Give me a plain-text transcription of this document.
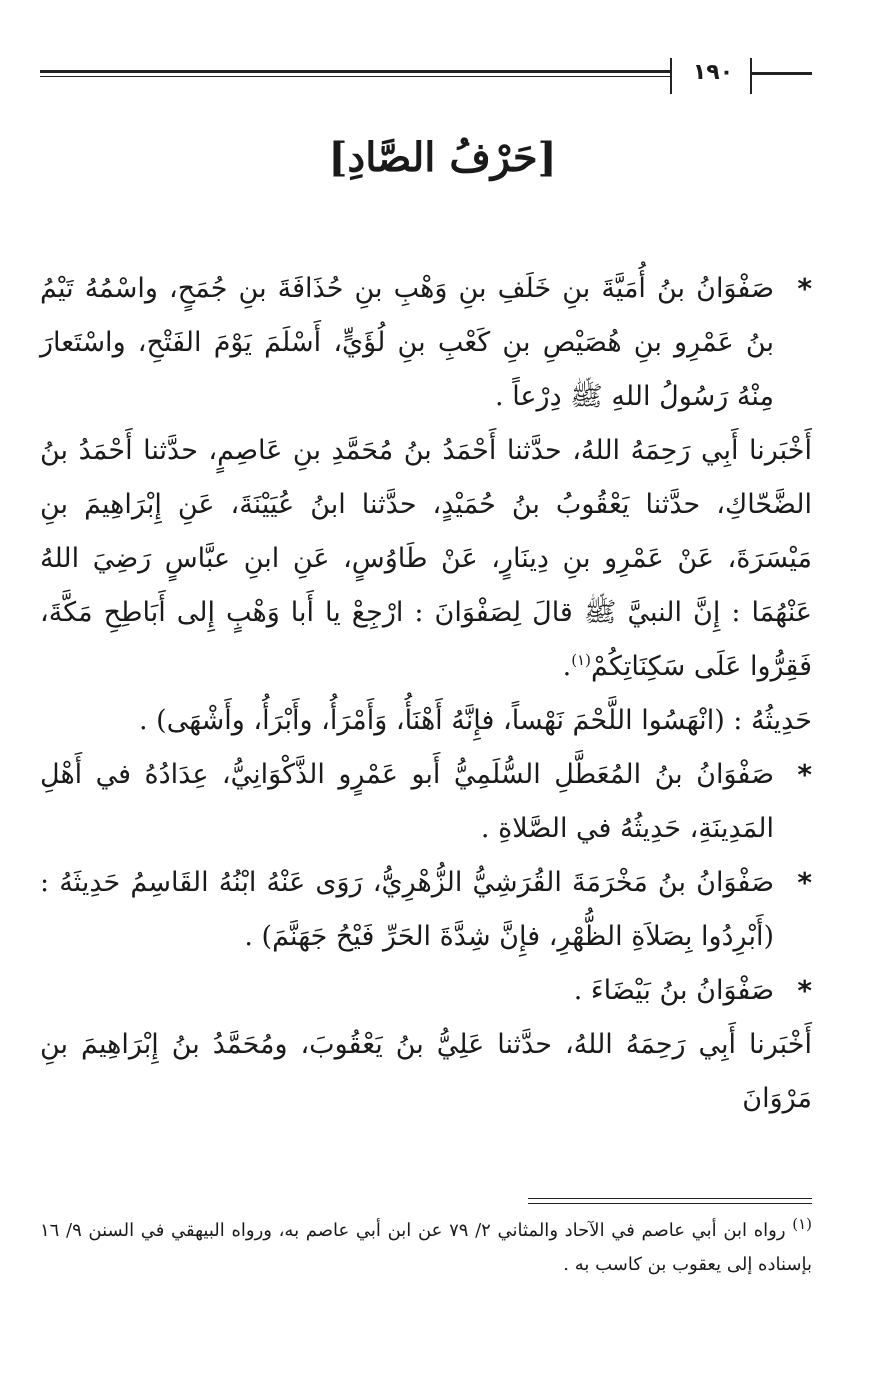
١٩٠
[حَرْفُ الصَّادِ]
*

صَفْوَانُ بنُ أُمَيَّةَ بنِ خَلَفِ بنِ وَهْبِ بنِ حُذَافَةَ بنِ جُمَحٍ، واسْمُهُ تَيْمُ بنُ عَمْرِو بنِ هُصَيْصِ بنِ كَعْبِ بنِ لُؤَيٍّ، أَسْلَمَ يَوْمَ الفَتْحِ، واسْتَعارَ مِنْهُ رَسُولُ اللهِ ﷺ دِرْعاً .

أَخْبَرنا أَبِي رَحِمَهُ اللهُ، حدَّثنا أَحْمَدُ بنُ مُحَمَّدِ بنِ عَاصِمٍ، حدَّثنا أَحْمَدُ بنُ الضَّحّاكِ، حدَّثنا يَعْقُوبُ بنُ حُمَيْدٍ، حدَّثنا ابنُ عُيَيْنَةَ، عَنِ إِبْرَاهِيمَ بنِ مَيْسَرَةَ، عَنْ عَمْرِو بنِ دِينَارٍ، عَنْ طَاوُسٍ، عَنِ ابنِ عبَّاسٍ رَضِيَ اللهُ عَنْهُمَا : إِنَّ النبيَّ ﷺ قالَ لِصَفْوَانَ : ارْجِعْ يا أَبا وَهْبٍ إِلى أَبَاطِحِ مَكَّةَ، فَقِرُّوا عَلَى سَكِنَاتِكُمْ$^{(١)}$.
حَدِيثُهُ : (انْهَسُوا اللَّحْمَ نَهْساً، فإِنَّهُ أَهْنَأُ، وَأَمْرَأُ، وأَبْرَأُ، وأَشْهَى) .
*

صَفْوَانُ بنُ المُعَطَّلِ السُّلَمِيُّ أَبو عَمْرٍو الذَّكْوَانِيُّ، عِدَادُهُ في أَهْلِ المَدِينَةِ، حَدِيثُهُ في الصَّلاةِ .

*

صَفْوَانُ بنُ مَخْرَمَةَ القُرَشِيُّ الزُّهْرِيُّ، رَوَى عَنْهُ ابْنُهُ القَاسِمُ حَدِيثَهُ : (أَبْرِدُوا بِصَلاَةِ الظُّهْرِ، فإِنَّ شِدَّةَ الحَرِّ فَيْحُ جَهَنَّمَ) .

*

صَفْوَانُ بنُ بَيْضَاءَ .

أَخْبَرنا أَبِي رَحِمَهُ اللهُ، حدَّثنا عَلِيُّ بنُ يَعْقُوبَ، ومُحَمَّدُ بنُ إِبْرَاهِيمَ بنِ مَرْوَانَ
$^{(١)}$ رواه ابن أبي عاصم في الآحاد والمثاني ٢/ ٧٩ عن ابن أبي عاصم به، ورواه البيهقي في السنن ٩/ ١٦ بإسناده إلى يعقوب بن كاسب به .
